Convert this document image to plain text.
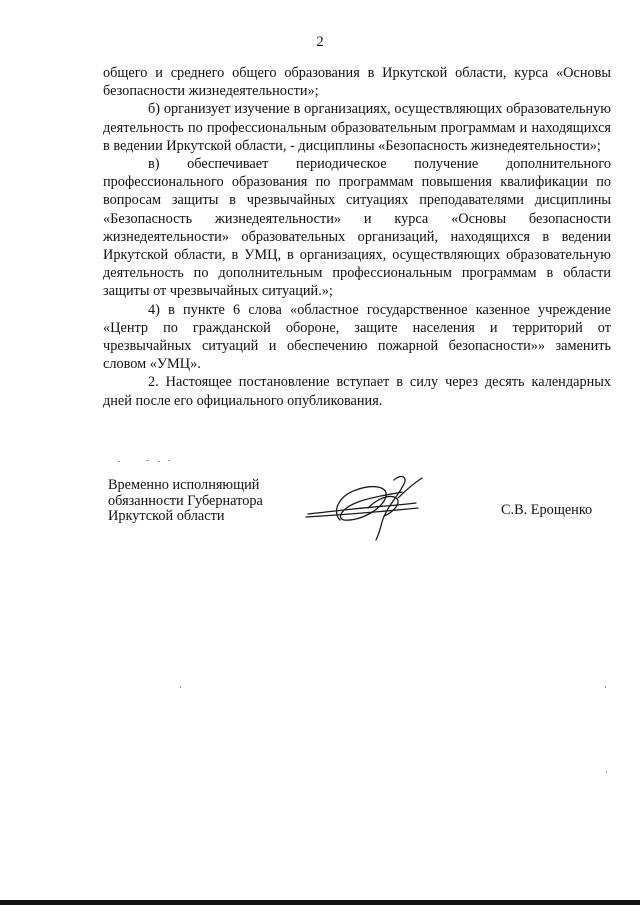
2

общего и среднего общего образования в Иркутской области, курса «Основы безопасности жизнедеятельности»;

б) организует изучение в организациях, осуществляющих образовательную деятельность по профессиональным образовательным программам и находящихся в ведении Иркутской области, - дисциплины «Безопасность жизнедеятельности»;

в) обеспечивает периодическое получение дополнительного профессионального образования по программам повышения квалификации по вопросам защиты в чрезвычайных ситуациях преподавателями дисциплины «Безопасность жизнедеятельности» и курса «Основы безопасности жизнедеятельности» образовательных организаций, находящихся в ведении Иркутской области, в УМЦ, в организациях, осуществляющих образовательную деятельность по дополнительным профессиональным программам в области защиты от чрезвычайных ситуаций.»;

4) в пункте 6 слова «областное государственное казенное учреждение «Центр по гражданской обороне, защите населения и территорий от чрезвычайных ситуаций и обеспечению пожарной безопасности»» заменить словом «УМЦ».

2. Настоящее постановление вступает в силу через десять календарных дней после его официального опубликования.

Временно исполняющий
обязанности Губернатора
Иркутской области	С.В. Ерощенко
